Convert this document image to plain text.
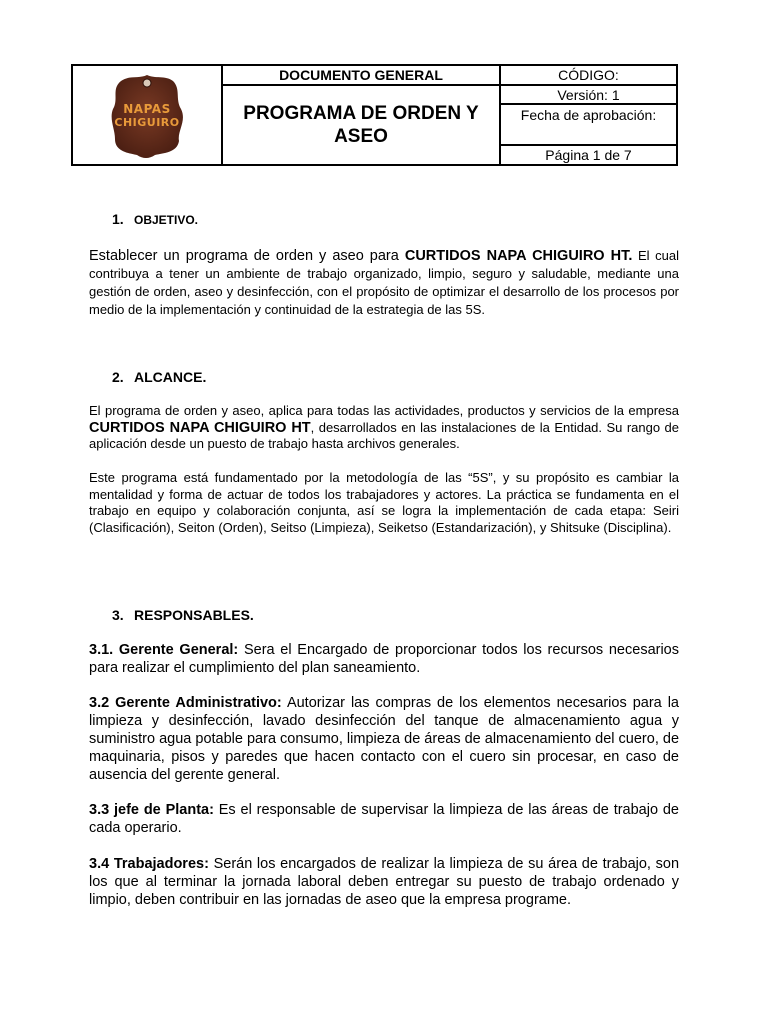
NAPAS
CHIGUIRO	DOCUMENTO GENERAL	CÓDIGO:
	PROGRAMA DE ORDEN Y ASEO	Versión: 1
		Fecha de aprobación:
		Página 1 de 7
1. OBJETIVO.
Establecer un programa de orden y aseo para CURTIDOS NAPA CHIGUIRO HT. El cual contribuya a tener un ambiente de trabajo organizado, limpio, seguro y saludable, mediante una gestión de orden, aseo y desinfección, con el propósito de optimizar el desarrollo de los procesos por medio de la implementación y continuidad de la estrategia de las 5S.
2. ALCANCE.
El programa de orden y aseo, aplica para todas las actividades, productos y servicios de la empresa CURTIDOS NAPA CHIGUIRO HT, desarrollados en las instalaciones de la Entidad. Su rango de aplicación desde un puesto de trabajo hasta archivos generales.
Este programa está fundamentado por la metodología de las “5S”, y su propósito es cambiar la mentalidad y forma de actuar de todos los trabajadores y actores. La práctica se fundamenta en el trabajo en equipo y colaboración conjunta, así se logra la implementación de cada etapa: Seiri (Clasificación), Seiton (Orden), Seitso (Limpieza), Seiketso (Estandarización), y Shitsuke (Disciplina).
3. RESPONSABLES.
3.1. Gerente General: Sera el Encargado de proporcionar todos los recursos necesarios para realizar el cumplimiento del plan saneamiento.
3.2 Gerente Administrativo: Autorizar las compras de los elementos necesarios para la limpieza y desinfección, lavado desinfección del tanque de almacenamiento agua y suministro agua potable para consumo, limpieza de áreas de almacenamiento del cuero, de maquinaria, pisos y paredes que hacen contacto con el cuero sin procesar, en caso de ausencia del gerente general.
3.3 jefe de Planta: Es el responsable de supervisar la limpieza de las áreas de trabajo de cada operario.
3.4 Trabajadores: Serán los encargados de realizar la limpieza de su área de trabajo, son los que al terminar la jornada laboral deben entregar su puesto de trabajo ordenado y limpio, deben contribuir en las jornadas de aseo que la empresa programe.
